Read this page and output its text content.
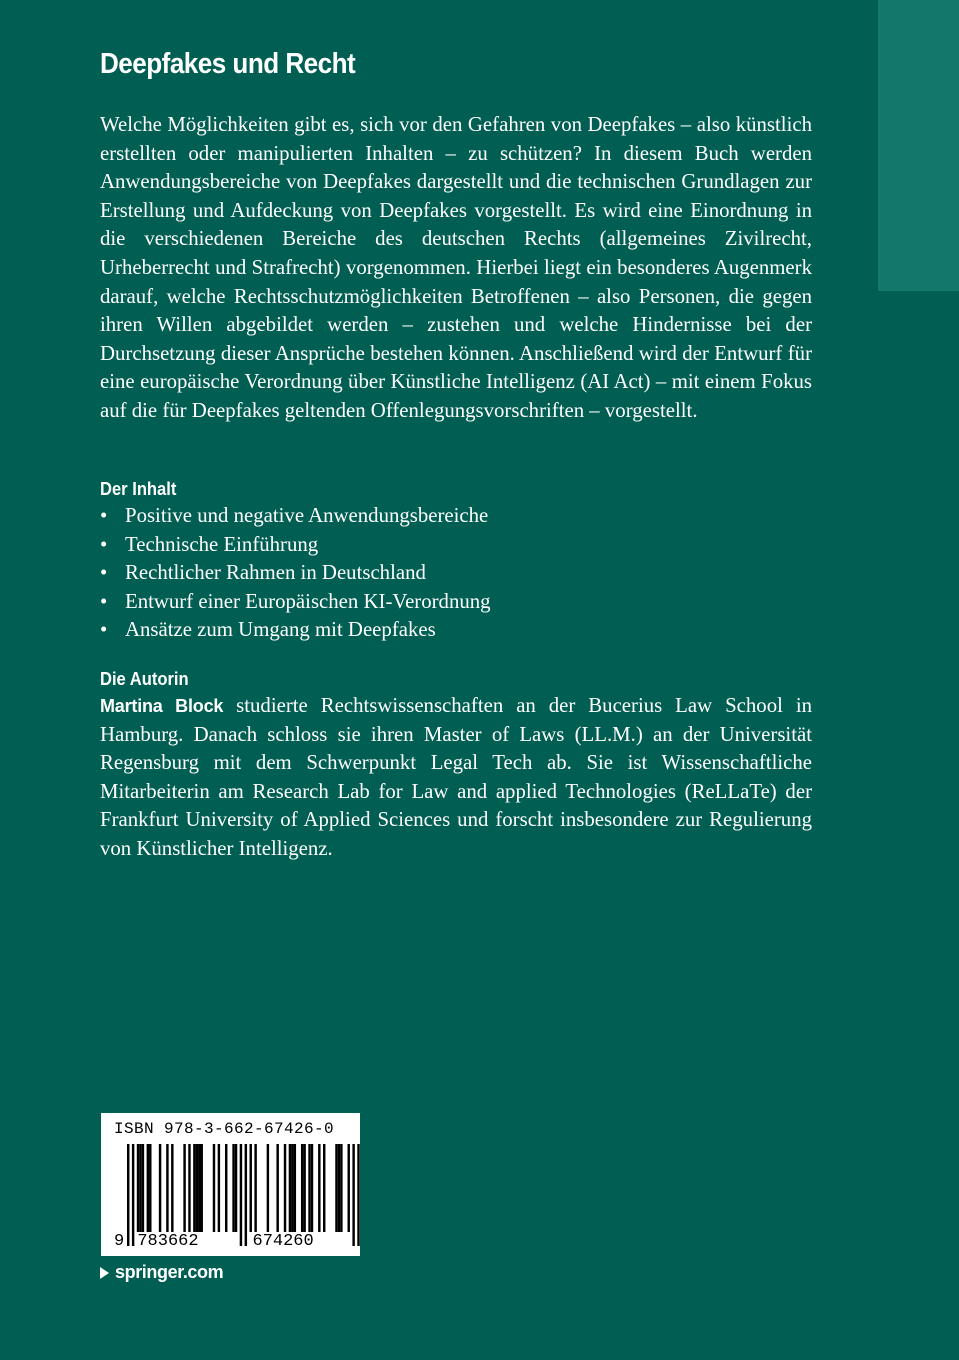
Deepfakes und Recht

Welche Möglichkeiten gibt es, sich vor den Gefahren von Deepfakes – also künstlich erstellten oder manipulierten Inhalten – zu schützen? In diesem Buch werden Anwendungsbereiche von Deepfakes dargestellt und die technischen Grundlagen zur Erstellung und Aufdeckung von Deepfakes vorgestellt. Es wird eine Einordnung in die verschiedenen Bereiche des deutschen Rechts (allgemeines Zivilrecht, Urheberrecht und Strafrecht) vorgenommen. Hierbei liegt ein besonderes Augenmerk darauf, welche Rechtsschutzmöglichkeiten Betroffenen – also Personen, die gegen ihren Willen abgebildet werden – zustehen und welche Hindernisse bei der Durchsetzung dieser Ansprüche bestehen können. Anschließend wird der Entwurf für eine europäische Verordnung über Künstliche Intelligenz (AI Act) – mit einem Fokus auf die für Deepfakes geltenden Offenlegungsvorschriften – vorgestellt.

Der Inhalt
• Positive und negative Anwendungsbereiche
• Technische Einführung
• Rechtlicher Rahmen in Deutschland
• Entwurf einer Europäischen KI-Verordnung
• Ansätze zum Umgang mit Deepfakes
Die Autorin

Martina Block studierte Rechtswissenschaften an der Bucerius Law School in Hamburg. Danach schloss sie ihren Master of Laws (LL.M.) an der Universität Regensburg mit dem Schwerpunkt Legal Tech ab. Sie ist Wissenschaftliche Mitarbeiterin am Research Lab for Law and applied Technologies (ReLLaTe) der Frankfurt University of Applied Sciences und forscht insbesondere zur Regulierung von Künstlicher Intelligenz.

ISBN 978-3-662-67426-0
9 783662	674260
springer.com
